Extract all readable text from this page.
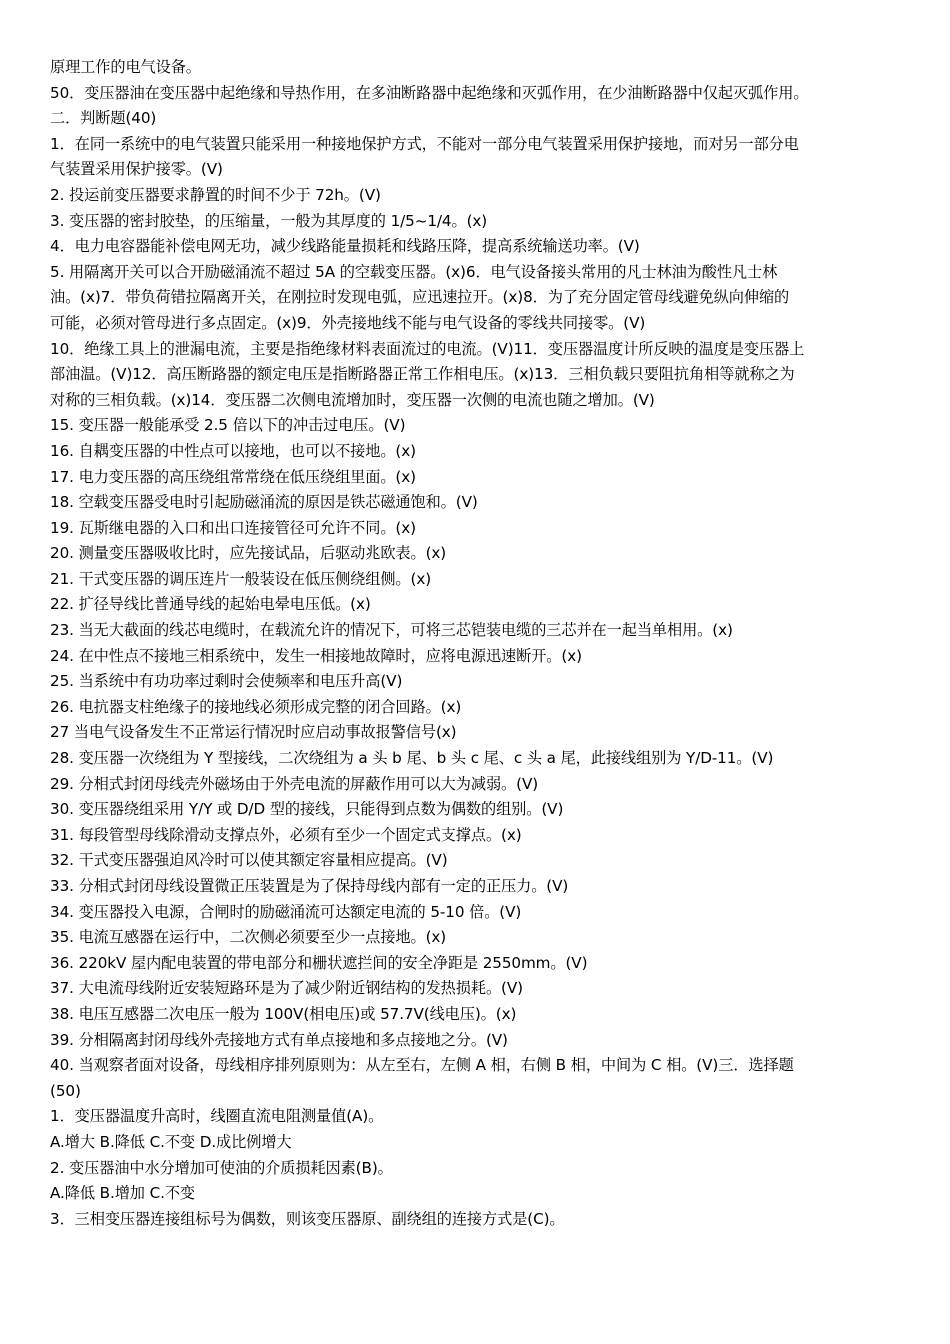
原理工作的电气设备。
50．变压器油在变压器中起绝缘和导热作用，在多油断路器中起绝缘和灭弧作用，在少油断路器中仅起灭弧作用。
二．判断题(40)
1．在同一系统中的电气装置只能采用一种接地保护方式，不能对一部分电气装置采用保护接地，而对另一部分电
气装置采用保护接零。(V)
2. 投运前变压器要求静置的时间不少于 72h。(V)
3. 变压器的密封胶垫，的压缩量，一般为其厚度的 1/5~1/4。(x)
4．电力电容器能补偿电网无功，减少线路能量损耗和线路压降，提高系统输送功率。(V)
5. 用隔离开关可以合开励磁涌流不超过 5A 的空载变压器。(x)6．电气设备接头常用的凡士林油为酸性凡士林
油。(x)7．带负荷错拉隔离开关，在刚拉时发现电弧，应迅速拉开。(x)8．为了充分固定管母线避免纵向伸缩的
可能，必须对管母进行多点固定。(x)9．外壳接地线不能与电气设备的零线共同接零。(V)
10．绝缘工具上的泄漏电流，主要是指绝缘材料表面流过的电流。(V)11．变压器温度计所反映的温度是变压器上
部油温。(V)12．高压断路器的额定电压是指断路器正常工作相电压。(x)13．三相负载只要阻抗角相等就称之为
对称的三相负载。(x)14．变压器二次侧电流增加时，变压器一次侧的电流也随之增加。(V)
15. 变压器一般能承受 2.5 倍以下的冲击过电压。(V)
16. 自耦变压器的中性点可以接地，也可以不接地。(x)
17. 电力变压器的高压绕组常常绕在低压绕组里面。(x)
18. 空载变压器受电时引起励磁涌流的原因是铁芯磁通饱和。(V)
19. 瓦斯继电器的入口和出口连接管径可允许不同。(x)
20. 测量变压器吸收比时，应先接试品，后驱动兆欧表。(x)
21. 干式变压器的调压连片一般装设在低压侧绕组侧。(x)
22. 扩径导线比普通导线的起始电晕电压低。(x)
23. 当无大截面的线芯电缆时，在载流允许的情况下，可将三芯铠装电缆的三芯并在一起当单相用。(x)
24. 在中性点不接地三相系统中，发生一相接地故障时，应将电源迅速断开。(x)
25. 当系统中有功功率过剩时会使频率和电压升高(V)
26. 电抗器支柱绝缘子的接地线必须形成完整的闭合回路。(x)
27 当电气设备发生不正常运行情况时应启动事故报警信号(x)
28. 变压器一次绕组为 Y 型接线，二次绕组为 a 头 b 尾、b 头 c 尾、c 头 a 尾，此接线组别为 Y/D-11。(V)
29. 分相式封闭母线壳外磁场由于外壳电流的屏蔽作用可以大为减弱。(V)
30. 变压器绕组采用 Y/Y 或 D/D 型的接线，只能得到点数为偶数的组别。(V)
31. 每段管型母线除滑动支撑点外，必须有至少一个固定式支撑点。(x)
32. 干式变压器强迫风冷时可以使其额定容量相应提高。(V)
33. 分相式封闭母线设置微正压装置是为了保持母线内部有一定的正压力。(V)
34. 变压器投入电源，合闸时的励磁涌流可达额定电流的 5-10 倍。(V)
35. 电流互感器在运行中，二次侧必须要至少一点接地。(x)
36. 220kV 屋内配电装置的带电部分和栅状遮拦间的安全净距是 2550mm。(V)
37. 大电流母线附近安装短路环是为了减少附近钢结构的发热损耗。(V)
38. 电压互感器二次电压一般为 100V(相电压)或 57.7V(线电压)。(x)
39. 分相隔离封闭母线外壳接地方式有单点接地和多点接地之分。(V)
40. 当观察者面对设备，母线相序排列原则为：从左至右，左侧 A 相，右侧 B 相，中间为 C 相。(V)三．选择题
(50)
1．变压器温度升高时，线圈直流电阻测量值(A)。
A.增大 B.降低 C.不变 D.成比例增大
2. 变压器油中水分增加可使油的介质损耗因素(B)。
A.降低 B.增加 C.不变
3．三相变压器连接组标号为偶数，则该变压器原、副绕组的连接方式是(C)。
